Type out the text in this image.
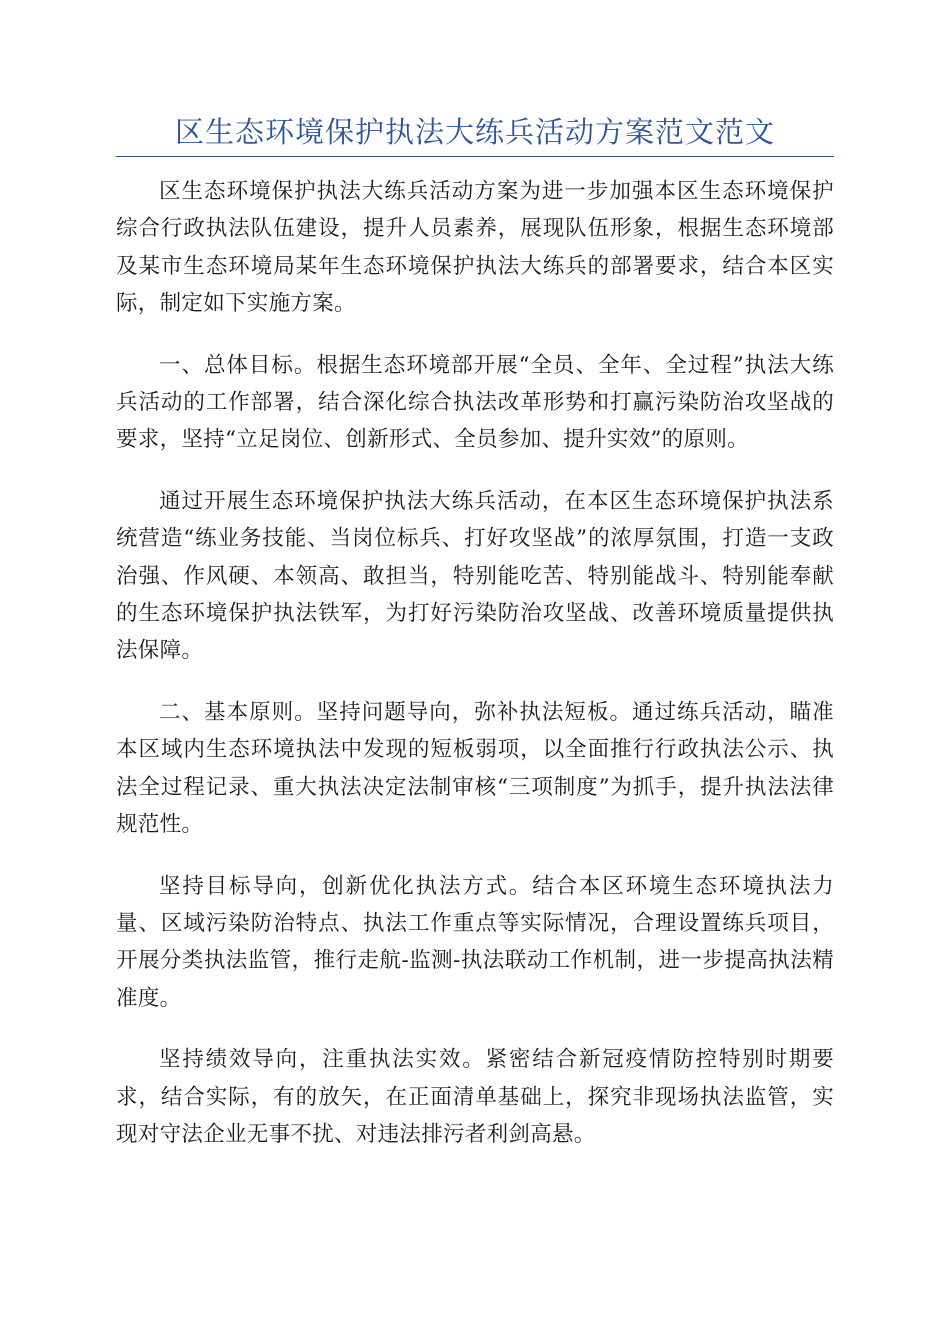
区生态环境保护执法大练兵活动方案范文范文

区生态环境保护执法大练兵活动方案为进一步加强本区生态环境保护综合行政执法队伍建设，提升人员素养，展现队伍形象，根据生态环境部及某市生态环境局某年生态环境保护执法大练兵的部署要求，结合本区实际，制定如下实施方案。

一、总体目标。根据生态环境部开展“全员、全年、全过程”执法大练兵活动的工作部署，结合深化综合执法改革形势和打赢污染防治攻坚战的要求，坚持“立足岗位、创新形式、全员参加、提升实效”的原则。

通过开展生态环境保护执法大练兵活动，在本区生态环境保护执法系统营造“练业务技能、当岗位标兵、打好攻坚战”的浓厚氛围，打造一支政治强、作风硬、本领高、敢担当，特别能吃苦、特别能战斗、特别能奉献的生态环境保护执法铁军，为打好污染防治攻坚战、改善环境质量提供执法保障。

二、基本原则。坚持问题导向，弥补执法短板。通过练兵活动，瞄准本区域内生态环境执法中发现的短板弱项，以全面推行行政执法公示、执法全过程记录、重大执法决定法制审核“三项制度”为抓手，提升执法法律规范性。

坚持目标导向，创新优化执法方式。结合本区环境生态环境执法力量、区域污染防治特点、执法工作重点等实际情况，合理设置练兵项目，开展分类执法监管，推行走航-监测-执法联动工作机制，进一步提高执法精准度。

坚持绩效导向，注重执法实效。紧密结合新冠疫情防控特别时期要求，结合实际，有的放矢，在正面清单基础上，探究非现场执法监管，实现对守法企业无事不扰、对违法排污者利剑高悬。
